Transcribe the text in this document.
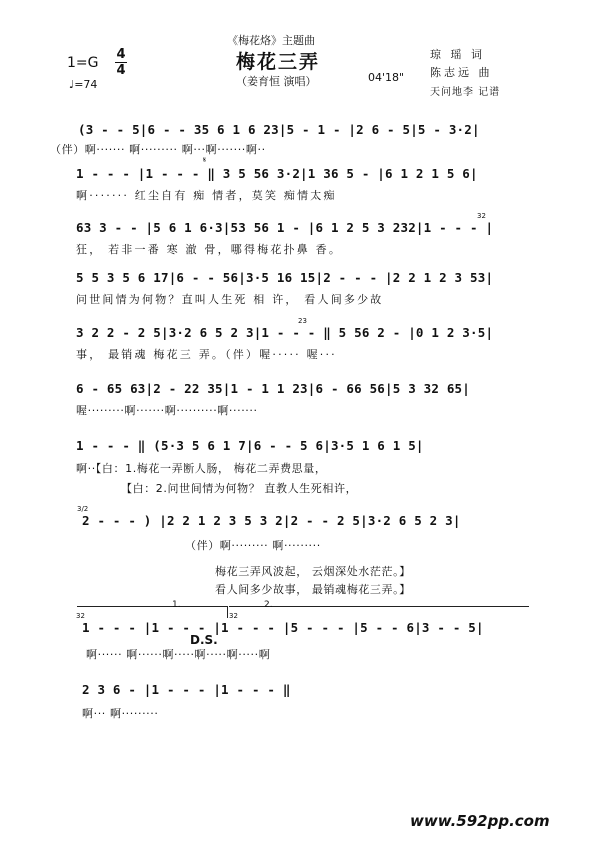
《梅花烙》主题曲
梅花三弄
（姜育恒 演唱）	04'18"
1=G
4
4
♩=74
琼 瑶 词
陈志远 曲
天问地李 记谱
(3 - - 5|6 - - 35 6 1 6 23|5 - 1 - |2 6 - 5|5 - 3·2|
（伴）啊······· 啊········· 啊···啊·······啊··
𝄋
1 - - - |1 - - - ‖ 3 5 56 3·2|1 36 5 - |6 1 2 1 5 6|
啊······· 红尘自有 痴 情者，莫笑 痴情太痴
32
63 3 - - |5 6 1 6·3|53 56 1 - |6 1 2 5 3 232|1 - - - |
狂， 若非一番 寒 澈 骨，哪得梅花扑鼻 香。
5 5 3 5 6 17|6 - - 56|3·5 16 15|2 - - - |2 2 1 2 3 53|
问世间情为何物？直叫人生死 相 许， 看人间多少故
23
3 2 2 - 2 5|3·2 6 5 2 3|1 - - - ‖ 5 56 2 - |0 1 2 3·5|
事， 最销魂 梅花三 弄。（伴）喔····· 喔···
6 - 65 63|2 - 22 35|1 - 1 1 23|6 - 66 56|5 3 32 65|
喔·········啊·······啊··········啊·······
1 - - - ‖ (5·3 5 6 1 7|6 - - 5 6|3·5 1 6 1 5|
啊··【白：1.梅花一弄断人肠， 梅花二弄费思量，
【白：2.问世间情为何物？ 直教人生死相许，
3/2
2 - - - ) |2 2 1 2 3 5 3 2|2 - - 2 5|3·2 6 5 2 3|
（伴）啊········· 啊·········
梅花三弄风波起， 云烟深处水茫茫。】
看人间多少故事， 最销魂梅花三弄。】
1.	2.
32	32
1 - - - |1 - - - |1 - - - |5 - - - |5 - - 6|3 - - 5|
D.S.
啊······ 啊······啊·····啊·····啊·····啊
2 3 6 - |1 - - - |1 - - - ‖
啊··· 啊·········
www.592pp.com
